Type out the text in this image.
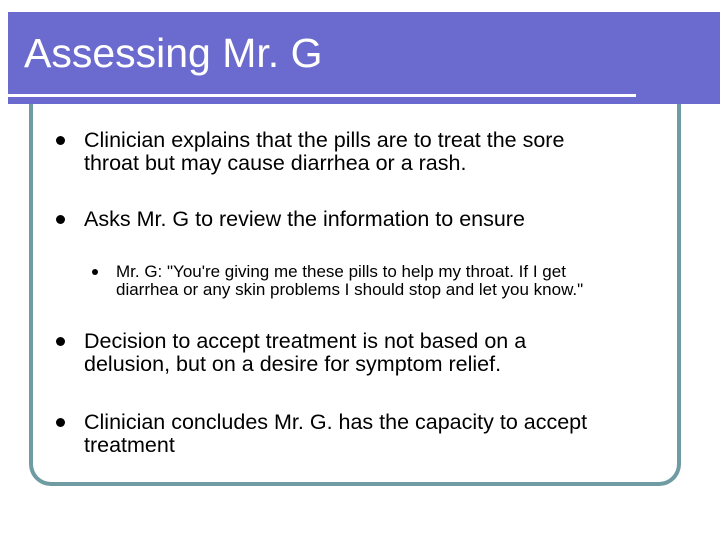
Assessing Mr. G
Clinician explains that the pills are to treat the sore
throat but may cause diarrhea or a rash.
Asks Mr. G to review the information to ensure
Mr. G: "You're giving me these pills to help my throat. If I get
diarrhea or any skin problems I should stop and let you know."
Decision to accept treatment is not based on a
delusion, but on a desire for symptom relief.
Clinician concludes Mr. G. has the capacity to accept
treatment
